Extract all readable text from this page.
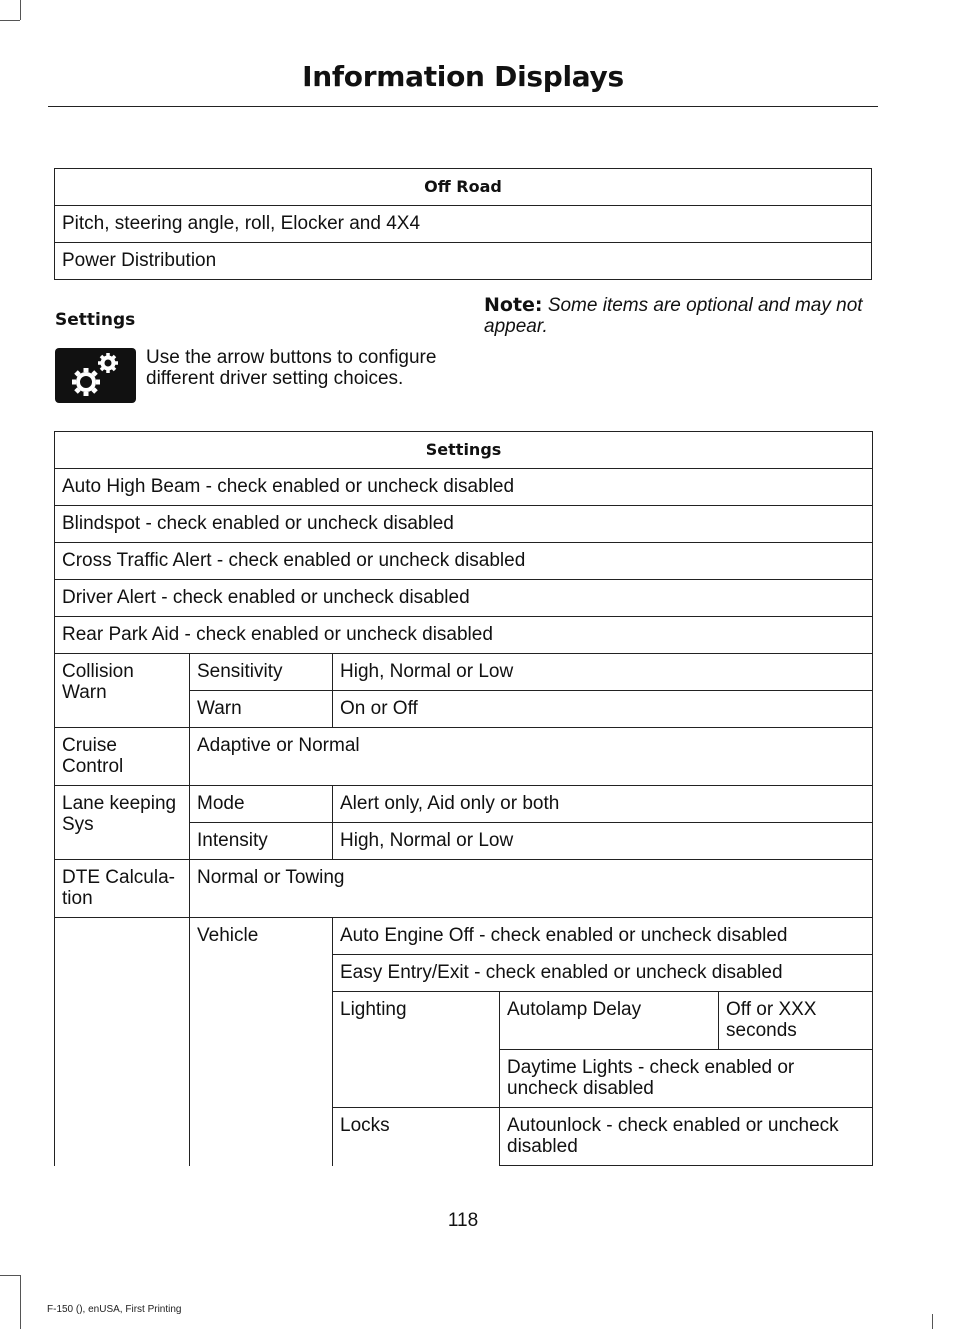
Information Displays
Off Road
Pitch, steering angle, roll, Elocker and 4X4
Power Distribution
Settings
Use the arrow buttons to configure different driver setting choices.
Note: Some items are optional and may not appear.
Settings				
Auto High Beam - check enabled or uncheck disabled				
Blindspot - check enabled or uncheck disabled				
Cross Traffic Alert - check enabled or uncheck disabled				
Driver Alert - check enabled or uncheck disabled				
Rear Park Aid - check enabled or uncheck disabled				
Collision Warn	Sensitivity	High, Normal or Low		
	Warn	On or Off		
Cruise Control	Adaptive or Normal			
Lane keeping Sys	Mode	Alert only, Aid only or both		
	Intensity	High, Normal or Low		
DTE Calcula-tion	Normal or Towing			
	Vehicle	Auto Engine Off - check enabled or uncheck disabled		
		Easy Entry/Exit - check enabled or uncheck disabled		
		Lighting	Autolamp Delay	Off or XXX seconds
			Daytime Lights - check enabled or uncheck disabled	
		Locks	Autounlock - check enabled or uncheck disabled	
118
F-150 (), enUSA, First Printing
